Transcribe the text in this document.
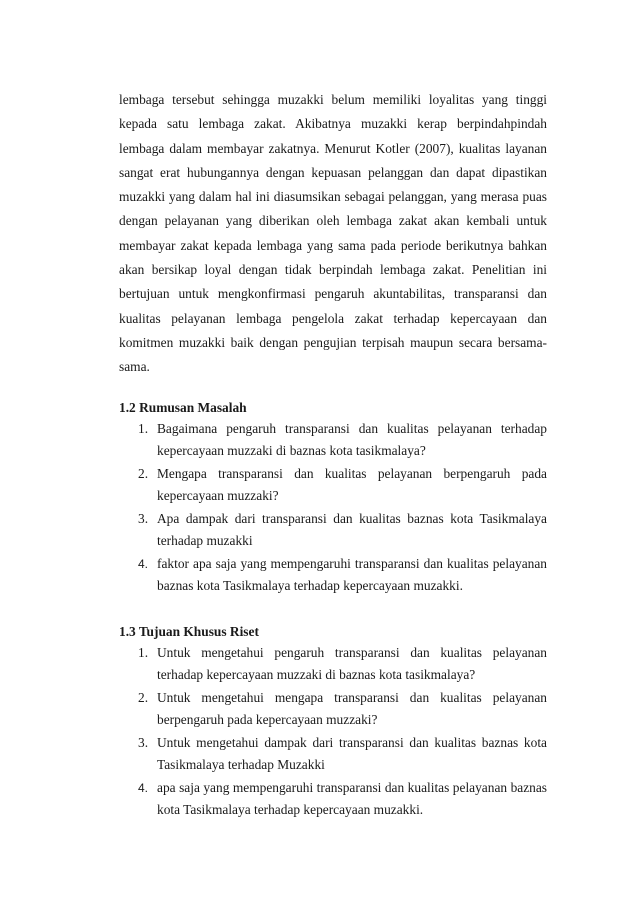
lembaga tersebut sehingga muzakki belum memiliki loyalitas yang tinggi kepada satu lembaga zakat. Akibatnya muzakki kerap berpindahpindah lembaga dalam membayar zakatnya. Menurut Kotler (2007), kualitas layanan sangat erat hubungannya dengan kepuasan pelanggan dan dapat dipastikan muzakki yang dalam hal ini diasumsikan sebagai pelanggan, yang merasa puas dengan pelayanan yang diberikan oleh lembaga zakat akan kembali untuk membayar zakat kepada lembaga yang sama pada periode berikutnya bahkan akan bersikap loyal dengan tidak berpindah lembaga zakat. Penelitian ini bertujuan untuk mengkonfirmasi pengaruh akuntabilitas, transparansi dan kualitas pelayanan lembaga pengelola zakat terhadap kepercayaan dan komitmen muzakki baik dengan pengujian terpisah maupun secara bersama-sama.

1.2 Rumusan Masalah
1. Bagaimana pengaruh transparansi dan kualitas pelayanan terhadap kepercayaan muzzaki di baznas kota tasikmalaya?
2. Mengapa transparansi dan kualitas pelayanan berpengaruh pada kepercayaan muzzaki?
3. Apa dampak dari transparansi dan kualitas baznas kota Tasikmalaya terhadap muzakki
4. faktor apa saja yang mempengaruhi transparansi dan kualitas pelayanan baznas kota Tasikmalaya terhadap kepercayaan muzakki.
1.3 Tujuan Khusus Riset
1. Untuk mengetahui pengaruh transparansi dan kualitas pelayanan terhadap kepercayaan muzzaki di baznas kota tasikmalaya?
2. Untuk mengetahui mengapa transparansi dan kualitas pelayanan berpengaruh pada kepercayaan muzzaki?
3. Untuk mengetahui dampak dari transparansi dan kualitas baznas kota Tasikmalaya terhadap Muzakki
4. apa saja yang mempengaruhi transparansi dan kualitas pelayanan baznas kota Tasikmalaya terhadap kepercayaan muzakki.
